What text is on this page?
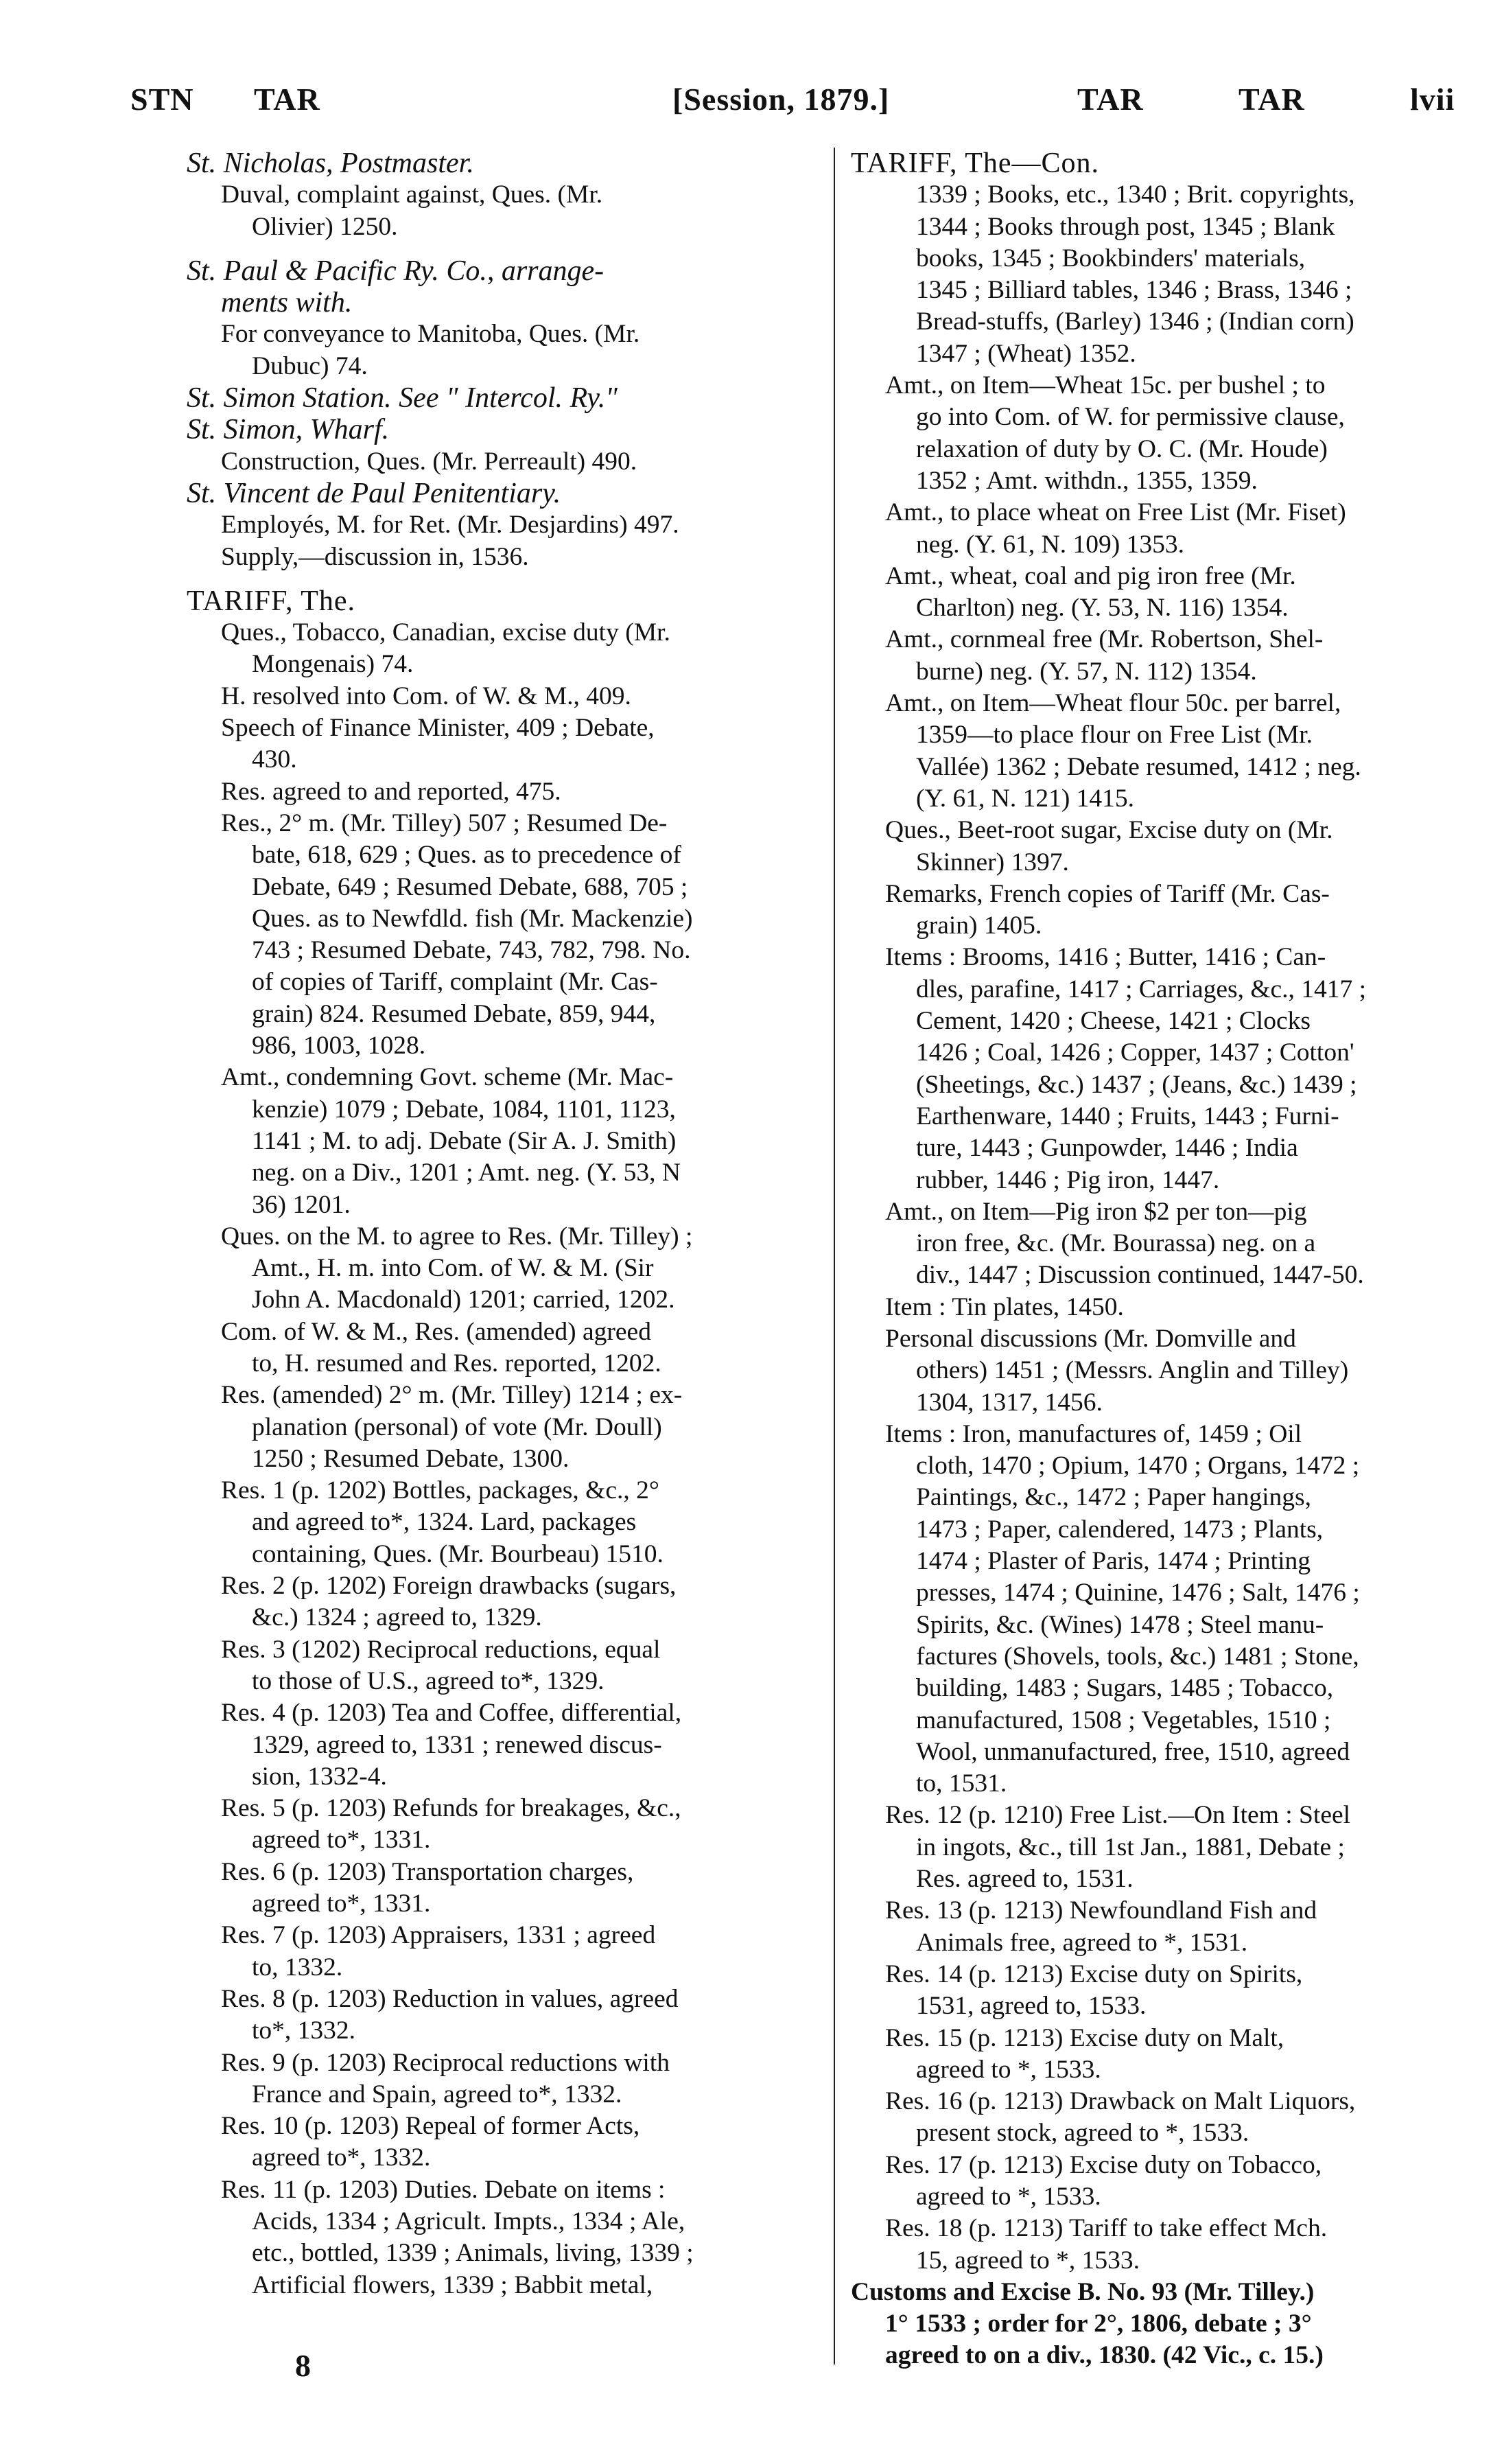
STN TAR	[Session, 1879.]	TAR	TAR	lvii
St. Nicholas, Postmaster.
Duval, complaint against, Ques. (Mr.
Olivier) 1250.
St. Paul & Pacific Ry. Co., arrange-
ments with.
For conveyance to Manitoba, Ques. (Mr.
Dubuc) 74.
St. Simon Station. See " Intercol. Ry."
St. Simon, Wharf.
Construction, Ques. (Mr. Perreault) 490.
St. Vincent de Paul Penitentiary.
Employés, M. for Ret. (Mr. Desjardins) 497.
Supply,—discussion in, 1536.
TARIFF, The.
Ques., Tobacco, Canadian, excise duty (Mr.
Mongenais) 74.
H. resolved into Com. of W. & M., 409.
Speech of Finance Minister, 409 ; Debate,
430.
Res. agreed to and reported, 475.
Res., 2° m. (Mr. Tilley) 507 ; Resumed De-
bate, 618, 629 ; Ques. as to precedence of
Debate, 649 ; Resumed Debate, 688, 705 ;
Ques. as to Newfdld. fish (Mr. Mackenzie)
743 ; Resumed Debate, 743, 782, 798. No.
of copies of Tariff, complaint (Mr. Cas-
grain) 824. Resumed Debate, 859, 944,
986, 1003, 1028.
Amt., condemning Govt. scheme (Mr. Mac-
kenzie) 1079 ; Debate, 1084, 1101, 1123,
1141 ; M. to adj. Debate (Sir A. J. Smith)
neg. on a Div., 1201 ; Amt. neg. (Y. 53, N
36) 1201.
Ques. on the M. to agree to Res. (Mr. Tilley) ;
Amt., H. m. into Com. of W. & M. (Sir
John A. Macdonald) 1201; carried, 1202.
Com. of W. & M., Res. (amended) agreed
to, H. resumed and Res. reported, 1202.
Res. (amended) 2° m. (Mr. Tilley) 1214 ; ex-
planation (personal) of vote (Mr. Doull)
1250 ; Resumed Debate, 1300.
Res. 1 (p. 1202) Bottles, packages, &c., 2°
and agreed to*, 1324. Lard, packages
containing, Ques. (Mr. Bourbeau) 1510.
Res. 2 (p. 1202) Foreign drawbacks (sugars,
&c.) 1324 ; agreed to, 1329.
Res. 3 (1202) Reciprocal reductions, equal
to those of U.S., agreed to*, 1329.
Res. 4 (p. 1203) Tea and Coffee, differential,
1329, agreed to, 1331 ; renewed discus-
sion, 1332-4.
Res. 5 (p. 1203) Refunds for breakages, &c.,
agreed to*, 1331.
Res. 6 (p. 1203) Transportation charges,
agreed to*, 1331.
Res. 7 (p. 1203) Appraisers, 1331 ; agreed
to, 1332.
Res. 8 (p. 1203) Reduction in values, agreed
to*, 1332.
Res. 9 (p. 1203) Reciprocal reductions with
France and Spain, agreed to*, 1332.
Res. 10 (p. 1203) Repeal of former Acts,
agreed to*, 1332.
Res. 11 (p. 1203) Duties. Debate on items :
Acids, 1334 ; Agricult. Impts., 1334 ; Ale,
etc., bottled, 1339 ; Animals, living, 1339 ;
Artificial flowers, 1339 ; Babbit metal,
TARIFF, The—Con.
1339 ; Books, etc., 1340 ; Brit. copyrights,
1344 ; Books through post, 1345 ; Blank
books, 1345 ; Bookbinders' materials,
1345 ; Billiard tables, 1346 ; Brass, 1346 ;
Bread-stuffs, (Barley) 1346 ; (Indian corn)
1347 ; (Wheat) 1352.
Amt., on Item—Wheat 15c. per bushel ; to
go into Com. of W. for permissive clause,
relaxation of duty by O. C. (Mr. Houde)
1352 ; Amt. withdn., 1355, 1359.
Amt., to place wheat on Free List (Mr. Fiset)
neg. (Y. 61, N. 109) 1353.
Amt., wheat, coal and pig iron free (Mr.
Charlton) neg. (Y. 53, N. 116) 1354.
Amt., cornmeal free (Mr. Robertson, Shel-
burne) neg. (Y. 57, N. 112) 1354.
Amt., on Item—Wheat flour 50c. per barrel,
1359—to place flour on Free List (Mr.
Vallée) 1362 ; Debate resumed, 1412 ; neg.
(Y. 61, N. 121) 1415.
Ques., Beet-root sugar, Excise duty on (Mr.
Skinner) 1397.
Remarks, French copies of Tariff (Mr. Cas-
grain) 1405.
Items : Brooms, 1416 ; Butter, 1416 ; Can-
dles, parafine, 1417 ; Carriages, &c., 1417 ;
Cement, 1420 ; Cheese, 1421 ; Clocks
1426 ; Coal, 1426 ; Copper, 1437 ; Cotton'
(Sheetings, &c.) 1437 ; (Jeans, &c.) 1439 ;
Earthenware, 1440 ; Fruits, 1443 ; Furni-
ture, 1443 ; Gunpowder, 1446 ; India
rubber, 1446 ; Pig iron, 1447.
Amt., on Item—Pig iron $2 per ton—pig
iron free, &c. (Mr. Bourassa) neg. on a
div., 1447 ; Discussion continued, 1447-50.
Item : Tin plates, 1450.
Personal discussions (Mr. Domville and
others) 1451 ; (Messrs. Anglin and Tilley)
1304, 1317, 1456.
Items : Iron, manufactures of, 1459 ; Oil
cloth, 1470 ; Opium, 1470 ; Organs, 1472 ;
Paintings, &c., 1472 ; Paper hangings,
1473 ; Paper, calendered, 1473 ; Plants,
1474 ; Plaster of Paris, 1474 ; Printing
presses, 1474 ; Quinine, 1476 ; Salt, 1476 ;
Spirits, &c. (Wines) 1478 ; Steel manu-
factures (Shovels, tools, &c.) 1481 ; Stone,
building, 1483 ; Sugars, 1485 ; Tobacco,
manufactured, 1508 ; Vegetables, 1510 ;
Wool, unmanufactured, free, 1510, agreed
to, 1531.
Res. 12 (p. 1210) Free List.—On Item : Steel
in ingots, &c., till 1st Jan., 1881, Debate ;
Res. agreed to, 1531.
Res. 13 (p. 1213) Newfoundland Fish and
Animals free, agreed to *, 1531.
Res. 14 (p. 1213) Excise duty on Spirits,
1531, agreed to, 1533.
Res. 15 (p. 1213) Excise duty on Malt,
agreed to *, 1533.
Res. 16 (p. 1213) Drawback on Malt Liquors,
present stock, agreed to *, 1533.
Res. 17 (p. 1213) Excise duty on Tobacco,
agreed to *, 1533.
Res. 18 (p. 1213) Tariff to take effect Mch.
15, agreed to *, 1533.
Customs and Excise B. No. 93 (Mr. Tilley.)
1° 1533 ; order for 2°, 1806, debate ; 3°
agreed to on a div., 1830. (42 Vic., c. 15.)
8
